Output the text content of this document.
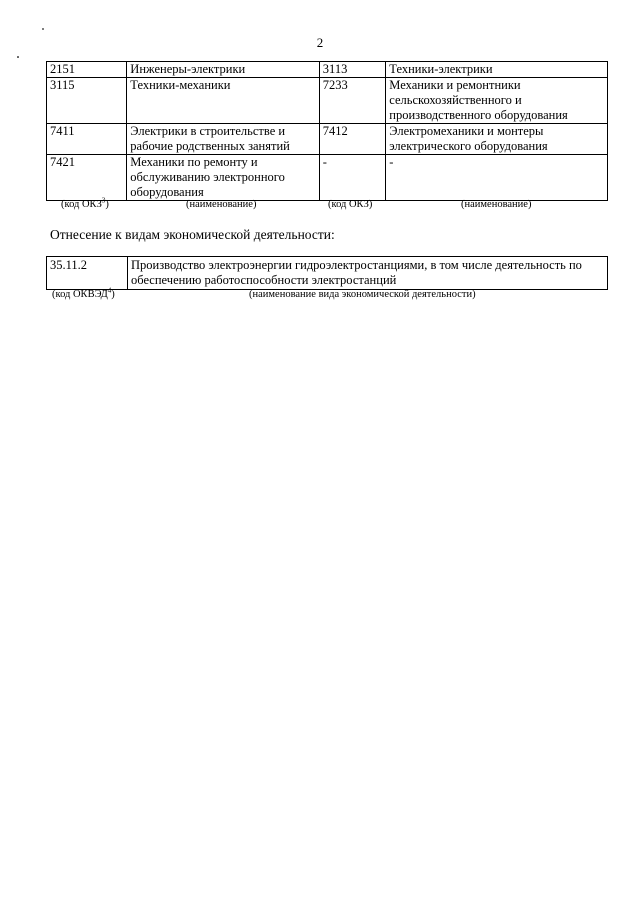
2
2151	Инженеры-электрики	3113	Техники-электрики
3115	Техники-механики	7233	Механики и ремонтники сельскохозяйственного и производственного оборудования
7411	Электрики в строительстве и рабочие родственных занятий	7412	Электромеханики и монтеры электрического оборудования
7421	Механики по ремонту и обслуживанию электронного оборудования	-	-
(код ОКЗ$^3$)	(наименование)	(код ОКЗ)	(наименование)
Отнесение к видам экономической деятельности:
35.11.2	Производство электроэнергии гидроэлектростанциями, в том числе деятельность по обеспечению работоспособности электростанций
(код ОКВЭД$^4$)	(наименование вида экономической деятельности)
